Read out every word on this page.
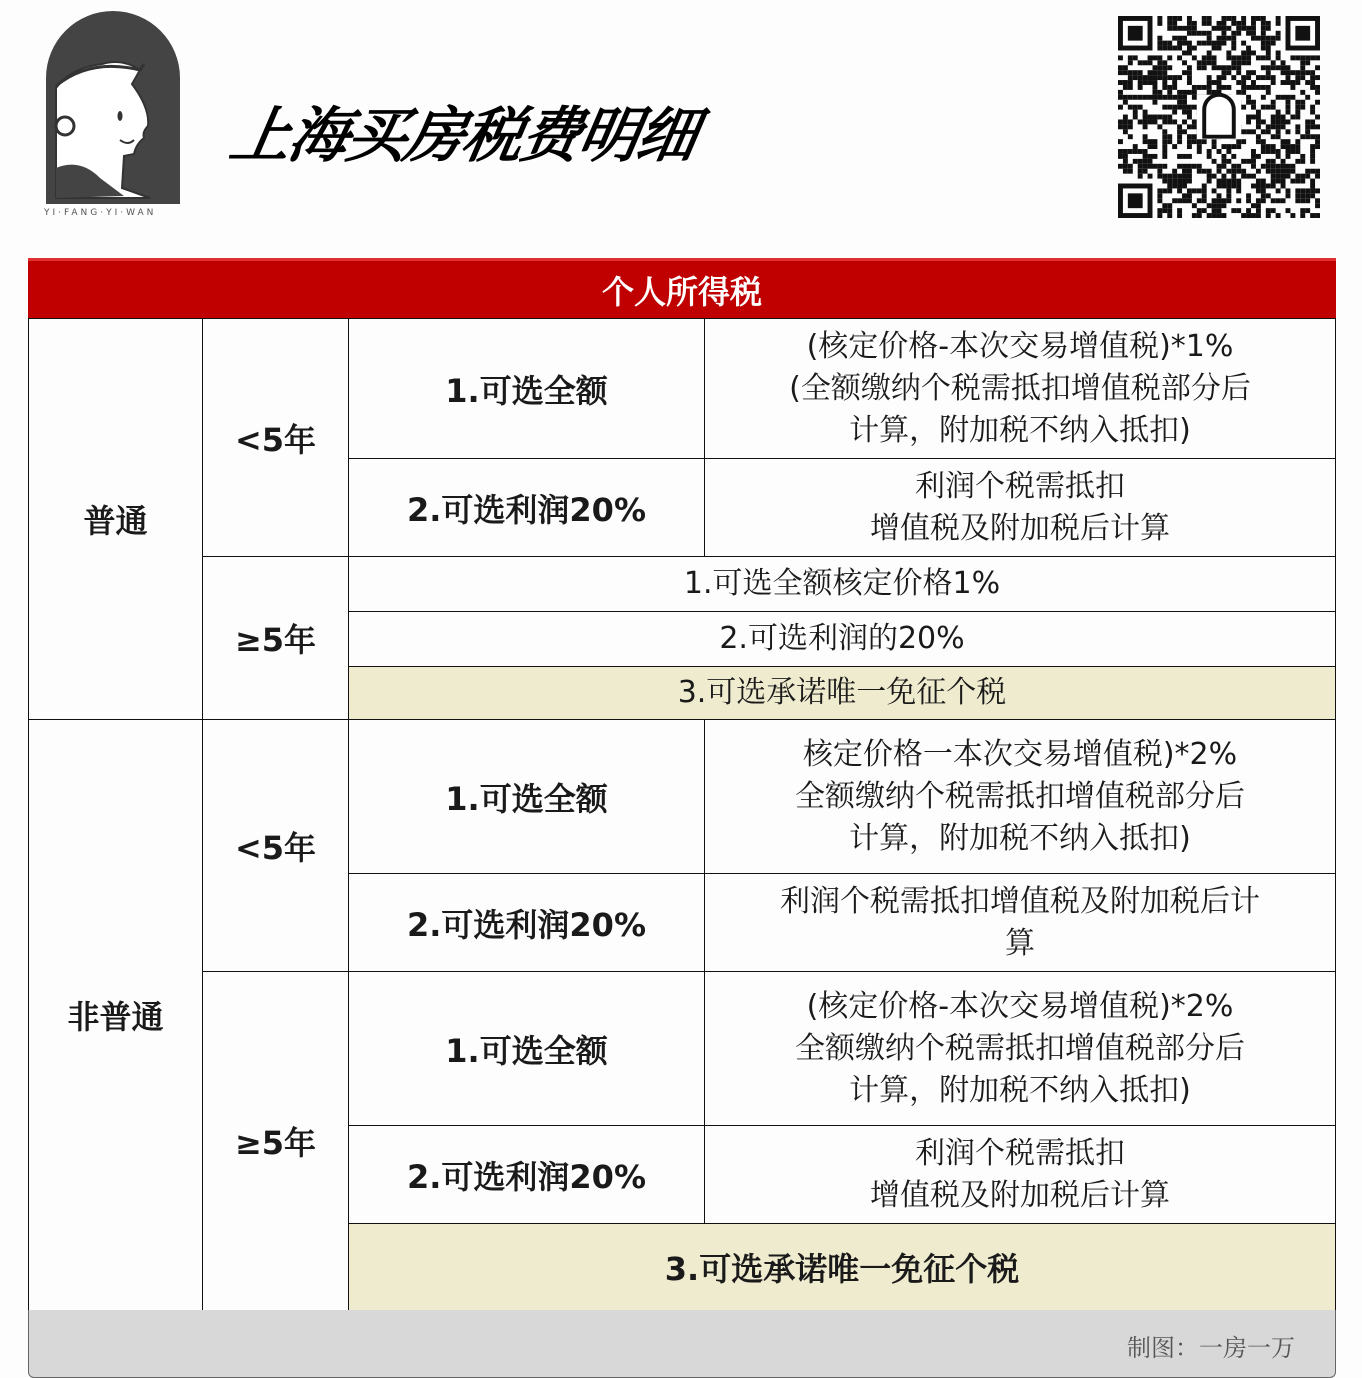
YI·FANG·YI·WAN
上海买房税费明细
个人所得税
普通
非普通
<5年
≥5年
<5年
≥5年
1.可选全额
(核定价格-本次交易增值税)*1%
(全额缴纳个税需抵扣增值税部分后
计算，附加税不纳入抵扣)
2.可选利润20%
利润个税需抵扣
增值税及附加税后计算
1.可选全额核定价格1%
2.可选利润的20%
3.可选承诺唯一免征个税
1.可选全额
核定价格一本次交易增值税)*2%
全额缴纳个税需抵扣增值税部分后
计算，附加税不纳入抵扣)
2.可选利润20%
利润个税需抵扣增值税及附加税后计
算
1.可选全额
(核定价格-本次交易增值税)*2%
全额缴纳个税需抵扣增值税部分后
计算，附加税不纳入抵扣)
2.可选利润20%
利润个税需抵扣
增值税及附加税后计算
3.可选承诺唯一免征个税
制图：一房一万
